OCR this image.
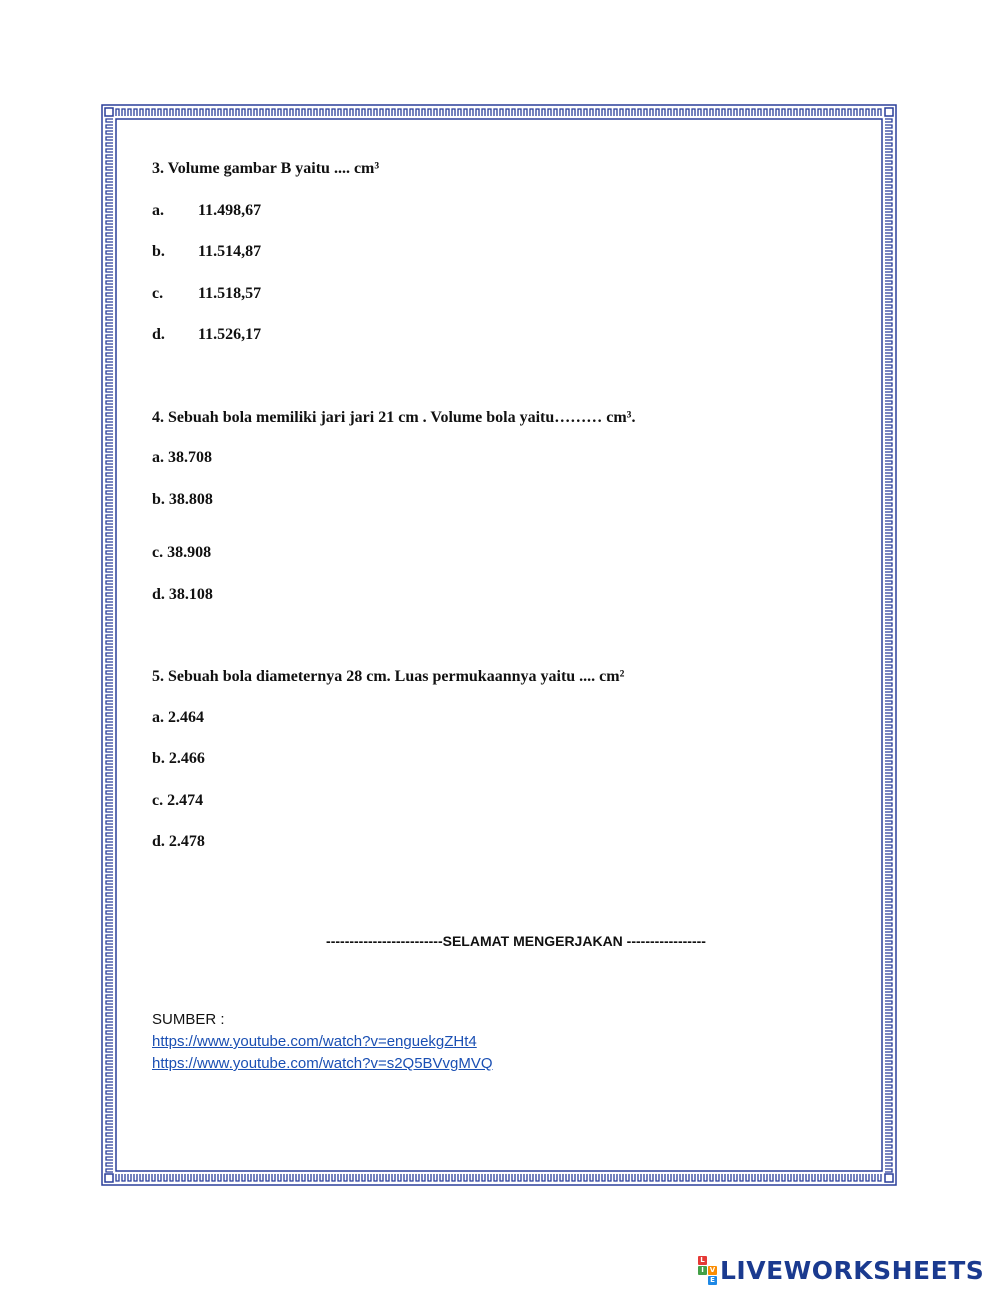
3. Volume gambar B yaitu .... cm³
a. 11.498,67
b. 11.514,87
c. 11.518,57
d. 11.526,17
4. Sebuah bola memiliki jari jari 21 cm . Volume bola yaitu……… cm³.
a. 38.708
b. 38.808
c. 38.908
d. 38.108
5. Sebuah bola diameternya 28 cm. Luas permukaannya yaitu .... cm²
a. 2.464
b. 2.466
c. 2.474
d. 2.478
-------------------------SELAMAT MENGERJAKAN -----------------
SUMBER :
https://www.youtube.com/watch?v=enguekgZHt4
https://www.youtube.com/watch?v=s2Q5BVvgMVQ
L
I V
E LIVEWORKSHEETS
